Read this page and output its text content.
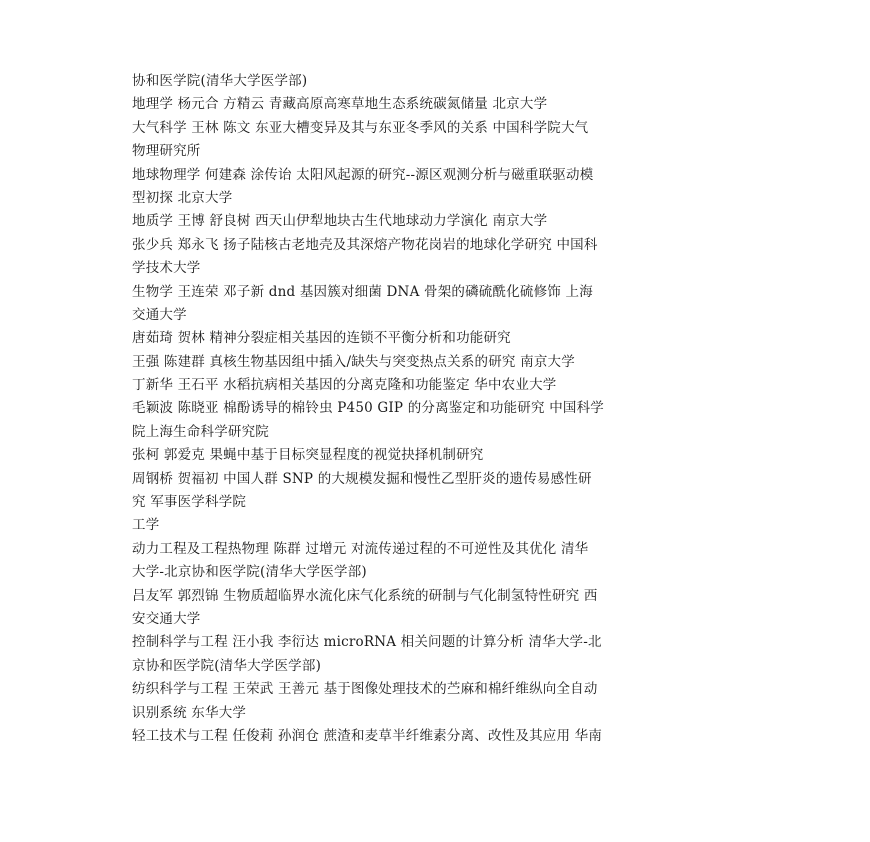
协和医学院(清华大学医学部)
地理学 杨元合 方精云 青藏高原高寒草地生态系统碳氮储量 北京大学
大气科学 王林 陈文 东亚大槽变异及其与东亚冬季风的关系 中国科学院大气
物理研究所
地球物理学 何建森 涂传诒 太阳风起源的研究--源区观测分析与磁重联驱动模
型初探 北京大学
地质学 王博 舒良树 西天山伊犁地块古生代地球动力学演化 南京大学
张少兵 郑永飞 扬子陆核古老地壳及其深熔产物花岗岩的地球化学研究 中国科
学技术大学
生物学 王连荣 邓子新 dnd 基因簇对细菌 DNA 骨架的磷硫酰化硫修饰 上海
交通大学
唐茹琦 贺林 精神分裂症相关基因的连锁不平衡分析和功能研究
王强 陈建群 真核生物基因组中插入/缺失与突变热点关系的研究 南京大学
丁新华 王石平 水稻抗病相关基因的分离克隆和功能鉴定 华中农业大学
毛颖波 陈晓亚 棉酚诱导的棉铃虫 P450 GIP 的分离鉴定和功能研究 中国科学
院上海生命科学研究院
张柯 郭爱克 果蝇中基于目标突显程度的视觉抉择机制研究
周钢桥 贺福初 中国人群 SNP 的大规模发掘和慢性乙型肝炎的遗传易感性研
究 军事医学科学院
工学
动力工程及工程热物理 陈群 过增元 对流传递过程的不可逆性及其优化 清华
大学-北京协和医学院(清华大学医学部)
吕友军 郭烈锦 生物质超临界水流化床气化系统的研制与气化制氢特性研究 西
安交通大学
控制科学与工程 汪小我 李衍达 microRNA 相关问题的计算分析 清华大学-北
京协和医学院(清华大学医学部)
纺织科学与工程 王荣武 王善元 基于图像处理技术的苎麻和棉纤维纵向全自动
识别系统 东华大学
轻工技术与工程 任俊莉 孙润仓 蔗渣和麦草半纤维素分离、改性及其应用 华南
